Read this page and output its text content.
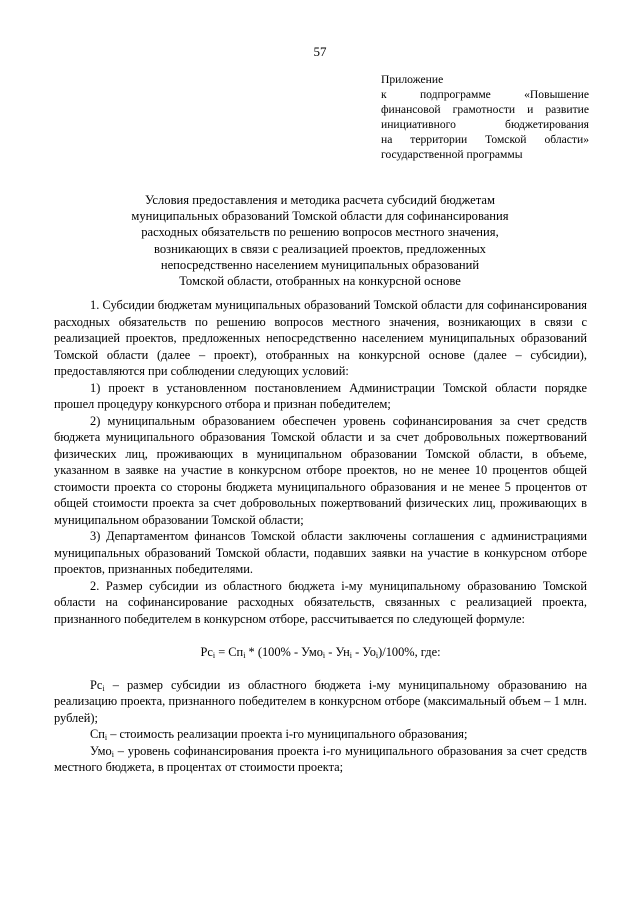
57
Приложение
к подпрограмме «Повышение
финансовой грамотности и развитие
инициативного бюджетирования
на территории Томской области»
государственной программы
Условия предоставления и методика расчета субсидий бюджетам
муниципальных образований Томской области для софинансирования
расходных обязательств по решению вопросов местного значения,
возникающих в связи с реализацией проектов, предложенных
непосредственно населением муниципальных образований
Томской области, отобранных на конкурсной основе

1. Субсидии бюджетам муниципальных образований Томской области для софинансирования расходных обязательств по решению вопросов местного значения, возникающих в связи с реализацией проектов, предложенных непосредственно населением муниципальных образований Томской области (далее – проект), отобранных на конкурсной основе (далее – субсидии), предоставляются при соблюдении следующих условий:

1) проект в установленном постановлением Администрации Томской области порядке прошел процедуру конкурсного отбора и признан победителем;

2) муниципальным образованием обеспечен уровень софинансирования за счет средств бюджета муниципального образования Томской области и за счет добровольных пожертвований физических лиц, проживающих в муниципальном образовании Томской области, в объеме, указанном в заявке на участие в конкурсном отборе проектов, но не менее 10 процентов общей стоимости проекта со стороны бюджета муниципального образования и не менее 5 процентов от общей стоимости проекта за счет добровольных пожертвований физических лиц, проживающих в муниципальном образовании Томской области;

3) Департаментом финансов Томской области заключены соглашения с администрациями муниципальных образований Томской области, подавших заявки на участие в конкурсном отборе проектов, признанных победителями.

2. Размер субсидии из областного бюджета i-му муниципальному образованию Томской области на софинансирование расходных обязательств, связанных с реализацией проекта, признанного победителем в конкурсном отборе, рассчитывается по следующей формуле:

$Рс_i = Сп_i * (100\% - Умо_i - Ун_i - Уо_i)/100\%$, где:

$Рс_i$ – размер субсидии из областного бюджета i-му муниципальному образованию на реализацию проекта, признанного победителем в конкурсном отборе (максимальный объем – 1 млн. рублей);

$Сп_i$ – стоимость реализации проекта i-го муниципального образования;

Умо$_i$ – уровень софинансирования проекта i-го муниципального образования за счет средств местного бюджета, в процентах от стоимости проекта;
